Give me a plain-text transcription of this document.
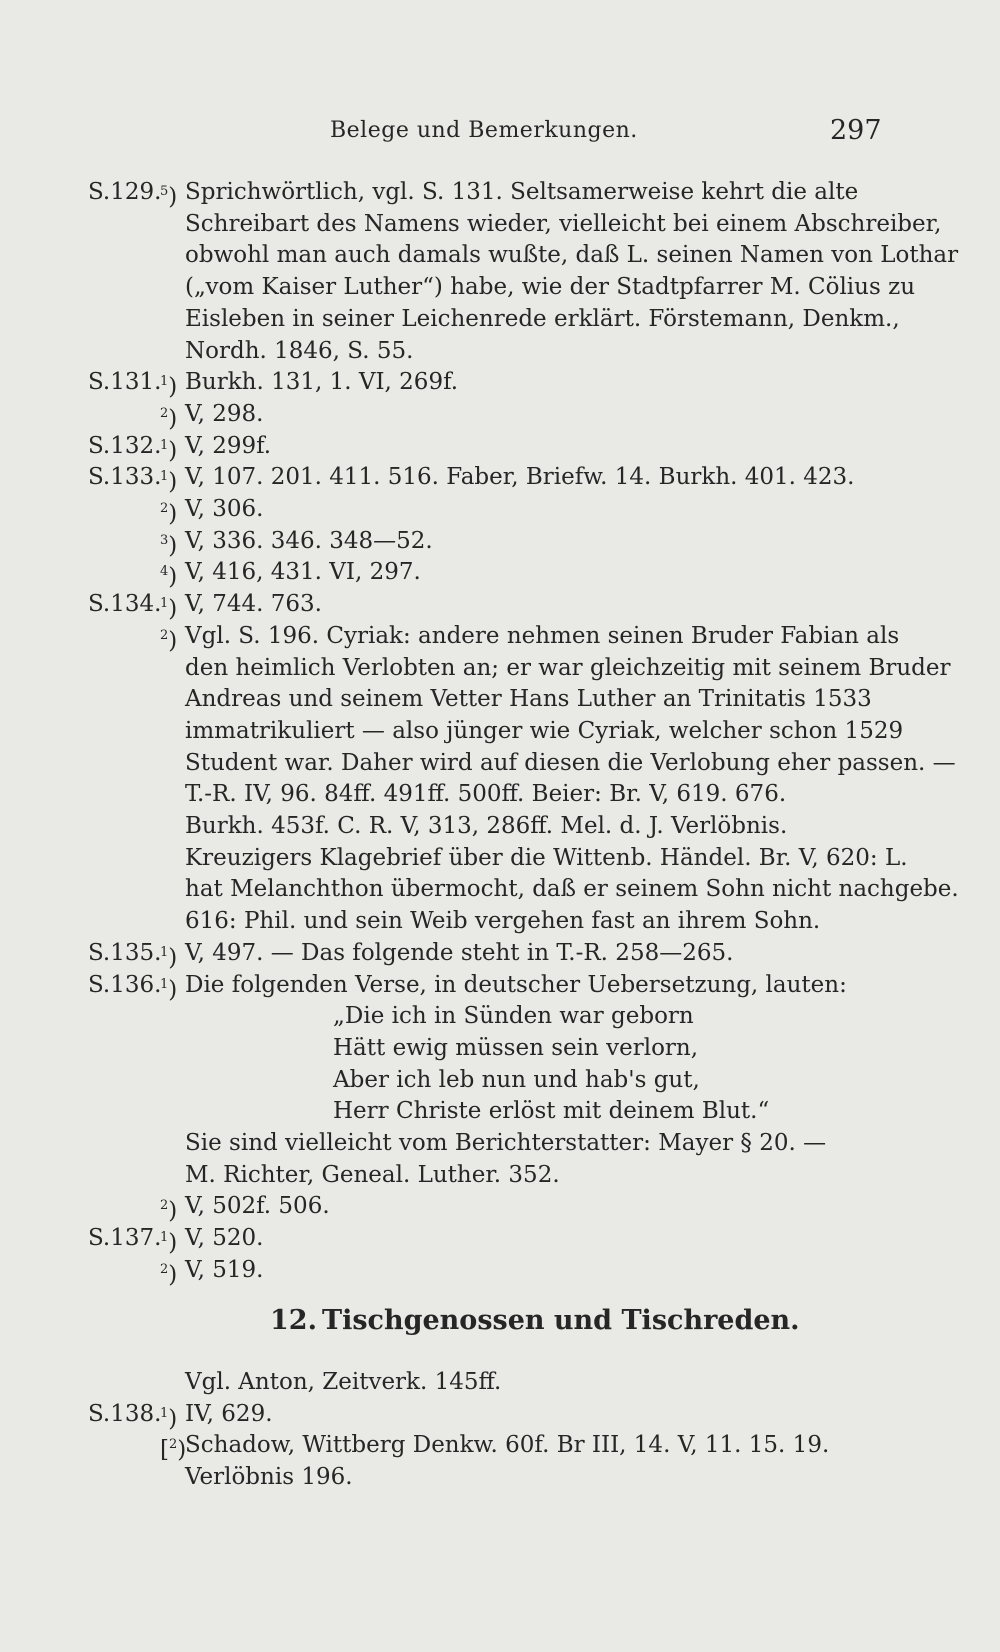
Belege und Bemerkungen.	297
S.129.
$^5$) Sprichwörtlich, vgl. S. 131. Seltsamerweise kehrt die alte
Schreibart des Namens wieder, vielleicht bei einem Abschreiber,
obwohl man auch damals wußte, daß L. seinen Namen von Lothar
(„vom Kaiser Luther“) habe, wie der Stadtpfarrer M. Cölius zu
Eisleben in seiner Leichenrede erklärt. Förstemann, Denkm.,
Nordh. 1846, S. 55.
S.131.
$^1$) Burkh. 131, 1. VI, 269f.
$^2$) V, 298.
S.132.
$^1$) V, 299f.
S.133.
$^1$) V, 107. 201. 411. 516. Faber, Briefw. 14. Burkh. 401. 423.
$^2$) V, 306.
$^3$) V, 336. 346. 348—52.
$^4$) V, 416, 431. VI, 297.
S.134.
$^1$) V, 744. 763.
$^2$) Vgl. S. 196. Cyriak: andere nehmen seinen Bruder Fabian als
den heimlich Verlobten an; er war gleichzeitig mit seinem Bruder
Andreas und seinem Vetter Hans Luther an Trinitatis 1533
immatrikuliert — also jünger wie Cyriak, welcher schon 1529
Student war. Daher wird auf diesen die Verlobung eher passen. —
T.-R. IV, 96. 84ff. 491ff. 500ff. Beier: Br. V, 619. 676.
Burkh. 453f. C. R. V, 313, 286ff. Mel. d. J. Verlöbnis.
Kreuzigers Klagebrief über die Wittenb. Händel. Br. V, 620: L.
hat Melanchthon übermocht, daß er seinem Sohn nicht nachgebe.
616: Phil. und sein Weib vergehen fast an ihrem Sohn.
S.135.
$^1$) V, 497. — Das folgende steht in T.-R. 258—265.
S.136.
$^1$) Die folgenden Verse, in deutscher Uebersetzung, lauten:
„Die ich in Sünden war geborn
Hätt ewig müssen sein verlorn,
Aber ich leb nun und hab's gut,
Herr Christe erlöst mit deinem Blut.“
Sie sind vielleicht vom Berichterstatter: Mayer § 20. —
M. Richter, Geneal. Luther. 352.
$^2$) V, 502f. 506.
S.137.
$^1$) V, 520.
$^2$) V, 519.
12. Tischgenossen und Tischreden.
Vgl. Anton, Zeitverk. 145ff.
S.138.
$^1$) IV, 629.
[$^2$)
Schadow, Wittberg Denkw. 60f. Br III, 14. V, 11. 15. 19.
Verlöbnis 196.
